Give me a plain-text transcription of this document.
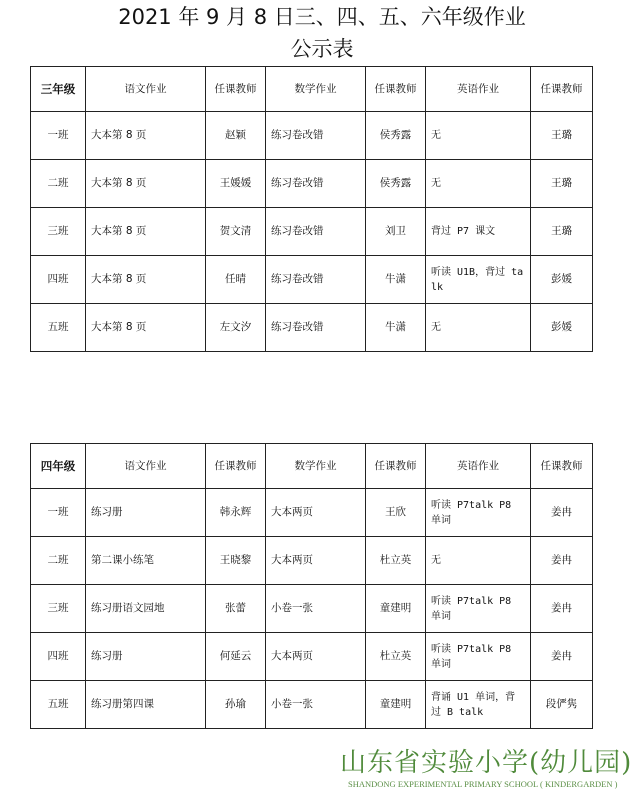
2021 年 9 月 8 日三、四、五、六年级作业
公示表
三年级	语文作业	任课教师	数学作业	任课教师	英语作业	任课教师
一班	大本第 8 页	赵颖	练习卷改错	侯秀露	无	王璐
二班	大本第 8 页	王媛媛	练习卷改错	侯秀露	无	王璐
三班	大本第 8 页	贺文清	练习卷改错	刘卫	背过 P7 课文	王璐
四班	大本第 8 页	任晴	练习卷改错	牛潇	听读 U1B，背过 talk	彭媛
五班	大本第 8 页	左文汐	练习卷改错	牛潇	无	彭媛
四年级	语文作业	任课教师	数学作业	任课教师	英语作业	任课教师
一班	练习册	韩永辉	大本两页	王欣	听读 P7talk P8 单词	姜冉
二班	第二课小练笔	王晓黎	大本两页	杜立英	无	姜冉
三班	练习册语文园地	张蕾	小卷一张	童建明	听读 P7talk P8 单词	姜冉
四班	练习册	何延云	大本两页	杜立英	听读 P7talk P8 单词	姜冉
五班	练习册第四课	孙瑜	小卷一张	童建明	背诵 U1 单词，背过 B talk	段俨隽
山东省实验小学(幼儿园)
SHANDONG EXPERIMENTAL PRIMARY SCHOOL ( KINDERGARDEN )
